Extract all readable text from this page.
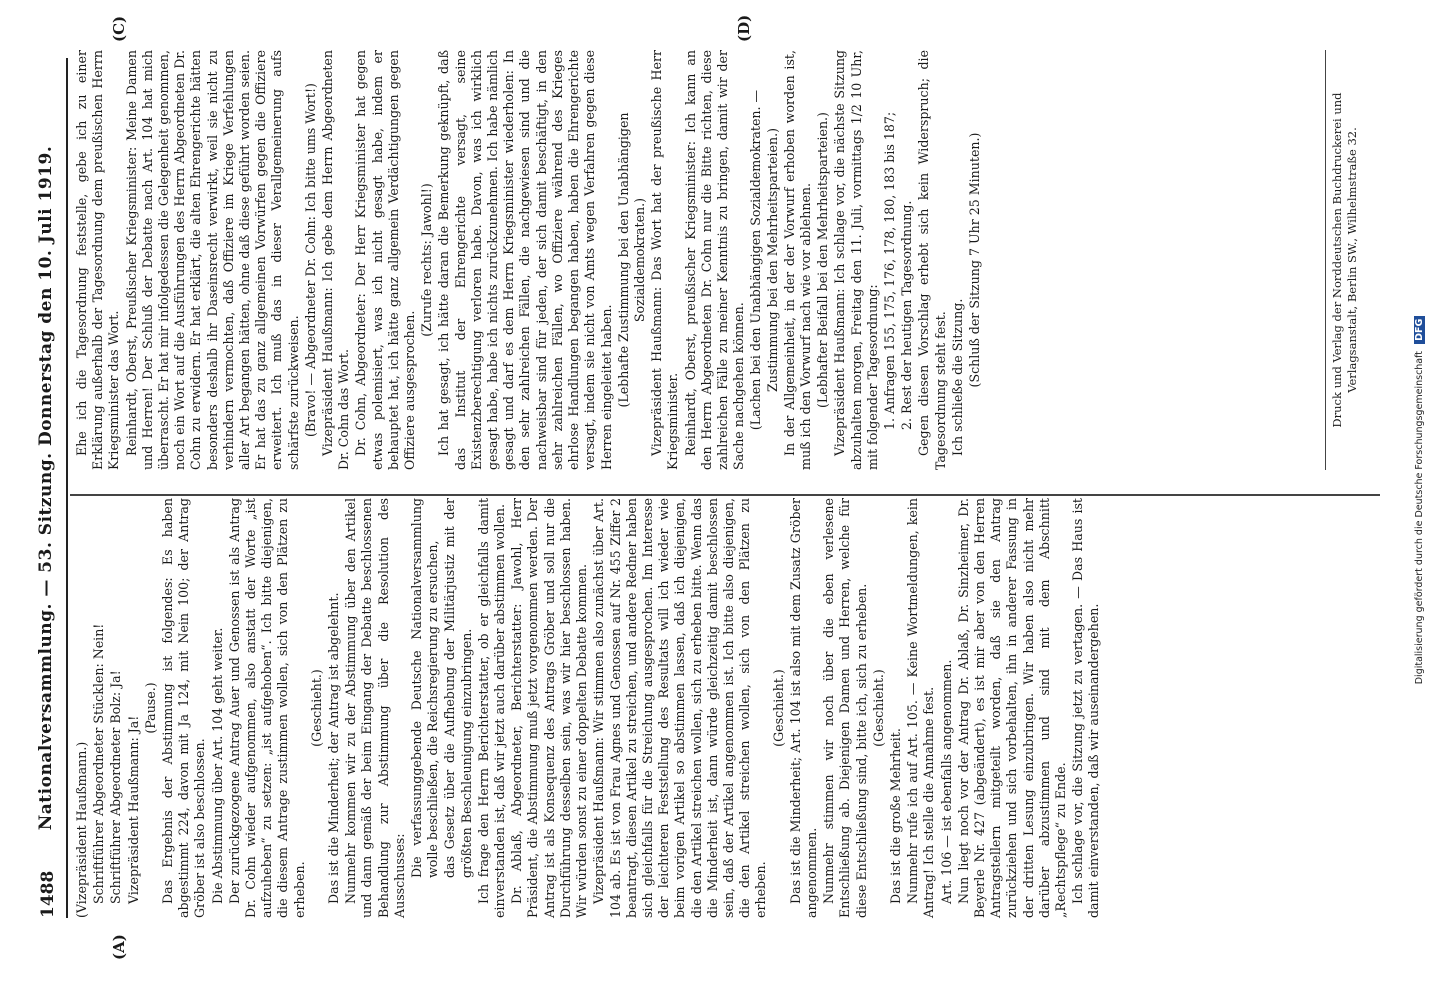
1488
Nationalversammlung. — 53. Sitzung. Donnerstag den 10. Juli 1919.
(A)
(C)	(D)

(Vizepräsident Haußmann.) Schriftführer Abgeordneter Stücklen: Nein! Schriftführer Abgeordneter Bolz: Ja! Vizepräsident Haußmann: Ja!

(Pause.) Das Ergebnis der Abstimmung ist folgendes: Es haben abgestimmt 224, davon mit Ja 124, mit Nein 100; der Antrag Gröber ist also beschlossen. Die Abstimmung über Art. 104 geht weiter. Der zurückgezogene Antrag Auer und Genossen ist als Antrag Dr. Cohn wieder aufgenommen, also anstatt der Worte „ist aufzuheben“ zu setzen: „ist aufgehoben“. Ich bitte diejenigen, die diesem Antrage zustimmen wollen, sich von den Plätzen zu erheben.

(Geschieht.) Das ist die Minderheit; der Antrag ist abgelehnt. Nunmehr kommen wir zu der Abstimmung über den Artikel und dann gemäß der beim Eingang der Debatte beschlossenen Behandlung zur Abstimmung über die Resolution des Ausschusses: Die verfassunggebende Deutsche Nationalversammlung wolle beschließen, die Reichsregierung zu ersuchen, das Gesetz über die Aufhebung der Militärjustiz mit der größten Beschleunigung einzubringen. Ich frage den Herrn Berichterstatter, ob er gleichfalls damit einverstanden ist, daß wir jetzt auch darüber abstimmen wollen. Dr. Ablaß, Abgeordneter, Berichterstatter: Jawohl, Herr Präsident, die Abstimmung muß jetzt vorgenommen werden. Der Antrag ist als Konsequenz des Antrags Gröber und soll nur die Durchführung desselben sein, was wir hier beschlossen haben. Wir würden sonst zu einer doppelten Debatte kommen. Vizepräsident Haußmann: Wir stimmen also zunächst über Art. 104 ab. Es ist von Frau Agnes und Genossen auf Nr. 455 Ziffer 2 beantragt, diesen Artikel zu streichen, und andere Redner haben sich gleichfalls für die Streichung ausgesprochen. Im Interesse der leichteren Feststellung des Resultats will ich wieder wie beim vorigen Artikel so abstimmen lassen, daß ich diejenigen, die den Artikel streichen wollen, sich zu erheben bitte. Wenn das die Minderheit ist, dann würde gleichzeitig damit beschlossen sein, daß der Artikel angenommen ist. Ich bitte also diejenigen, die den Artikel streichen wollen, sich von den Plätzen zu erheben.

(Geschieht.) Das ist die Minderheit; Art. 104 ist also mit dem Zusatz Gröber angenommen. Nunmehr stimmen wir noch über die eben verlesene Entschließung ab. Diejenigen Damen und Herren, welche für diese Entschließung sind, bitte ich, sich zu erheben. (Geschieht.)

Das ist die große Mehrheit. Nunmehr rufe ich auf Art. 105. — Keine Wortmeldungen, kein Antrag! Ich stelle die Annahme fest. Art. 106 — ist ebenfalls angenommen. Nun liegt noch vor der Antrag Dr. Ablaß, Dr. Sinzheimer, Dr. Beyerle Nr. 427 (abgeändert), es ist mir aber von den Herren Antragstellern mitgeteilt worden, daß sie den Antrag zurückziehen und sich vorbehalten, ihn in anderer Fassung in der dritten Lesung einzubringen. Wir haben also nicht mehr darüber abzustimmen und sind mit dem Abschnitt „Rechtspflege“ zu Ende. Ich schlage vor, die Sitzung jetzt zu vertagen. — Das Haus ist damit einverstanden, daß wir auseinandergehen.

Ehe ich die Tagesordnung feststelle, gebe ich zu einer Erklärung außerhalb der Tagesordnung dem preußischen Herrn Kriegsminister das Wort. Reinhardt, Oberst, Preußischer Kriegsminister: Meine Damen und Herren! Der Schluß der Debatte nach Art. 104 hat mich überrascht. Er hat mir infolgedessen die Gelegenheit genommen, noch ein Wort auf die Ausführungen des Herrn Abgeordneten Dr. Cohn zu erwidern. Er hat erklärt, die alten Ehrengerichte hätten besonders deshalb ihr Daseinsrecht verwirkt, weil sie nicht zu verhindern vermochten, daß Offiziere im Kriege Verfehlungen aller Art begangen hätten, ohne daß diese geführt worden seien. Er hat das zu ganz allgemeinen Vorwürfen gegen die Offiziere erweitert. Ich muß das in dieser Verallgemeinerung aufs schärfste zurückweisen. (Bravo! — Abgeordneter Dr. Cohn: Ich bitte ums Wort!) Vizepräsident Haußmann: Ich gebe dem Herrn Abgeordneten Dr. Cohn das Wort. Dr. Cohn, Abgeordneter: Der Herr Kriegsminister hat gegen etwas polemisiert, was ich nicht gesagt habe, indem er behauptet hat, ich hätte ganz allgemein Verdächtigungen gegen Offiziere ausgesprochen.

(Zurufe rechts: Jawohl!) Ich hat gesagt, ich hätte daran die Bemerkung geknüpft, daß das Institut der Ehrengerichte versagt, seine Existenzberechtigung verloren habe. Davon, was ich wirklich gesagt habe, habe ich nichts zurückzunehmen. Ich habe nämlich gesagt und darf es dem Herrn Kriegsminister wiederholen: In den sehr zahlreichen Fällen, die nachgewiesen sind und die nachweisbar sind für jeden, der sich damit beschäftigt, in den sehr zahlreichen Fällen, wo Offiziere während des Krieges ehrlose Handlungen begangen haben, haben die Ehrengerichte versagt, indem sie nicht von Amts wegen Verfahren gegen diese Herren eingeleitet haben. (Lebhafte Zustimmung bei den Unabhängigen Sozialdemokraten.) Vizepräsident Haußmann: Das Wort hat der preußische Herr Kriegsminister. Reinhardt, Oberst, preußischer Kriegsminister: Ich kann an den Herrn Abgeordneten Dr. Cohn nur die Bitte richten, diese zahlreichen Fälle zu meiner Kenntnis zu bringen, damit wir der Sache nachgehen können. (Lachen bei den Unabhängigen Sozialdemokraten. — Zustimmung bei den Mehrheitsparteien.) In der Allgemeinheit, in der der Vorwurf erhoben worden ist, muß ich den Vorwurf nach wie vor ablehnen. (Lebhafter Beifall bei den Mehrheitsparteien.) Vizepräsident Haußmann: Ich schlage vor, die nächste Sitzung abzuhalten morgen, Freitag den 11. Juli, vormittags 1/2 10 Uhr, mit folgender Tagesordnung: 1. Anfragen 155, 175, 176, 178, 180, 183 bis 187; 2. Rest der heutigen Tagesordnung. Gegen diesen Vorschlag erhebt sich kein Widerspruch; die Tagesordnung steht fest. Ich schließe die Sitzung. (Schluß der Sitzung 7 Uhr 25 Minuten.)	Druck und Verlag der Norddeutschen Buchdruckerei und Verlagsanstalt, Berlin SW., Wilhelmstraße 32.
Digitalisierung gefördert durch die Deutsche Forschungsgemeinschaft DFG
